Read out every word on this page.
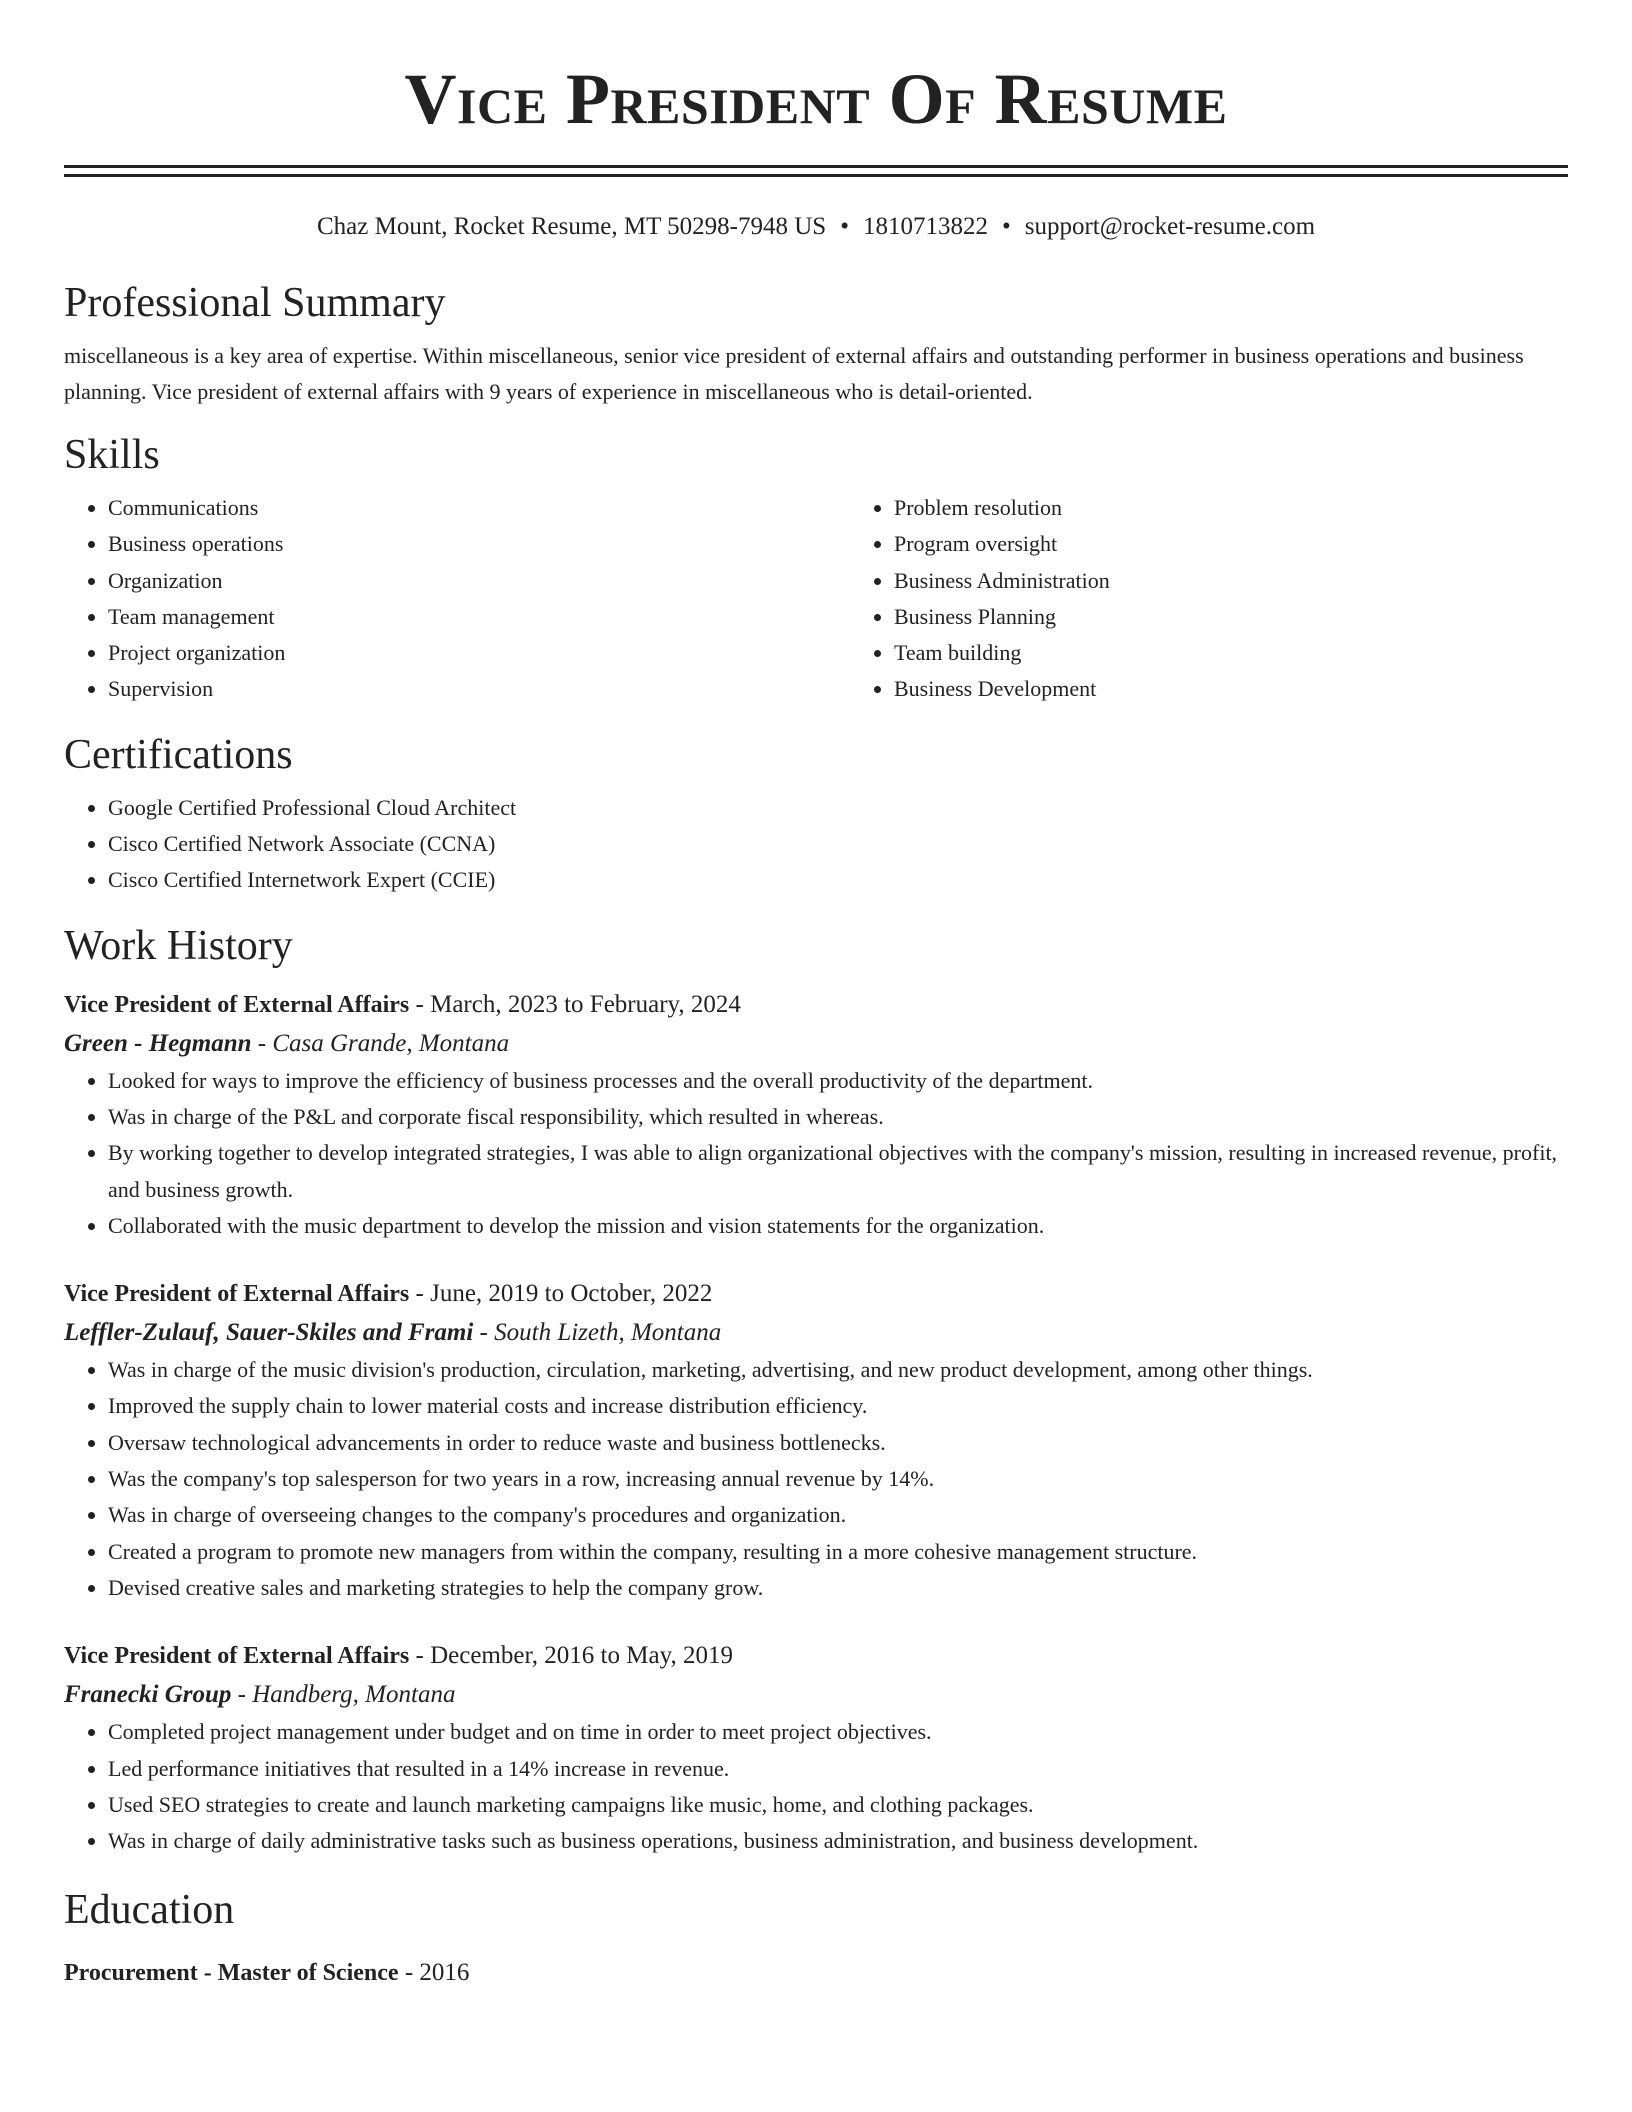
Vice President Of Resume
Chaz Mount, Rocket Resume, MT 50298-7948 US • 1810713822 • support@rocket-resume.com
Professional Summary
miscellaneous is a key area of expertise. Within miscellaneous, senior vice president of external affairs and outstanding performer in business operations and business planning. Vice president of external affairs with 9 years of experience in miscellaneous who is detail-oriented.
Skills
• Communications
• Business operations
• Organization
• Team management
• Project organization
• Supervision
• Problem resolution
• Program oversight
• Business Administration
• Business Planning
• Team building
• Business Development
Certifications
• Google Certified Professional Cloud Architect
• Cisco Certified Network Associate (CCNA)
• Cisco Certified Internetwork Expert (CCIE)
Work History
Vice President of External Affairs - March, 2023 to February, 2024
Green - Hegmann - Casa Grande, Montana
• Looked for ways to improve the efficiency of business processes and the overall productivity of the department.
• Was in charge of the P&L and corporate fiscal responsibility, which resulted in whereas.
• By working together to develop integrated strategies, I was able to align organizational objectives with the company's mission, resulting in increased revenue, profit, and business growth.
• Collaborated with the music department to develop the mission and vision statements for the organization.
Vice President of External Affairs - June, 2019 to October, 2022
Leffler-Zulauf, Sauer-Skiles and Frami - South Lizeth, Montana
• Was in charge of the music division's production, circulation, marketing, advertising, and new product development, among other things.
• Improved the supply chain to lower material costs and increase distribution efficiency.
• Oversaw technological advancements in order to reduce waste and business bottlenecks.
• Was the company's top salesperson for two years in a row, increasing annual revenue by 14%.
• Was in charge of overseeing changes to the company's procedures and organization.
• Created a program to promote new managers from within the company, resulting in a more cohesive management structure.
• Devised creative sales and marketing strategies to help the company grow.
Vice President of External Affairs - December, 2016 to May, 2019
Franecki Group - Handberg, Montana
• Completed project management under budget and on time in order to meet project objectives.
• Led performance initiatives that resulted in a 14% increase in revenue.
• Used SEO strategies to create and launch marketing campaigns like music, home, and clothing packages.
• Was in charge of daily administrative tasks such as business operations, business administration, and business development.
Education
Procurement - Master of Science - 2016
